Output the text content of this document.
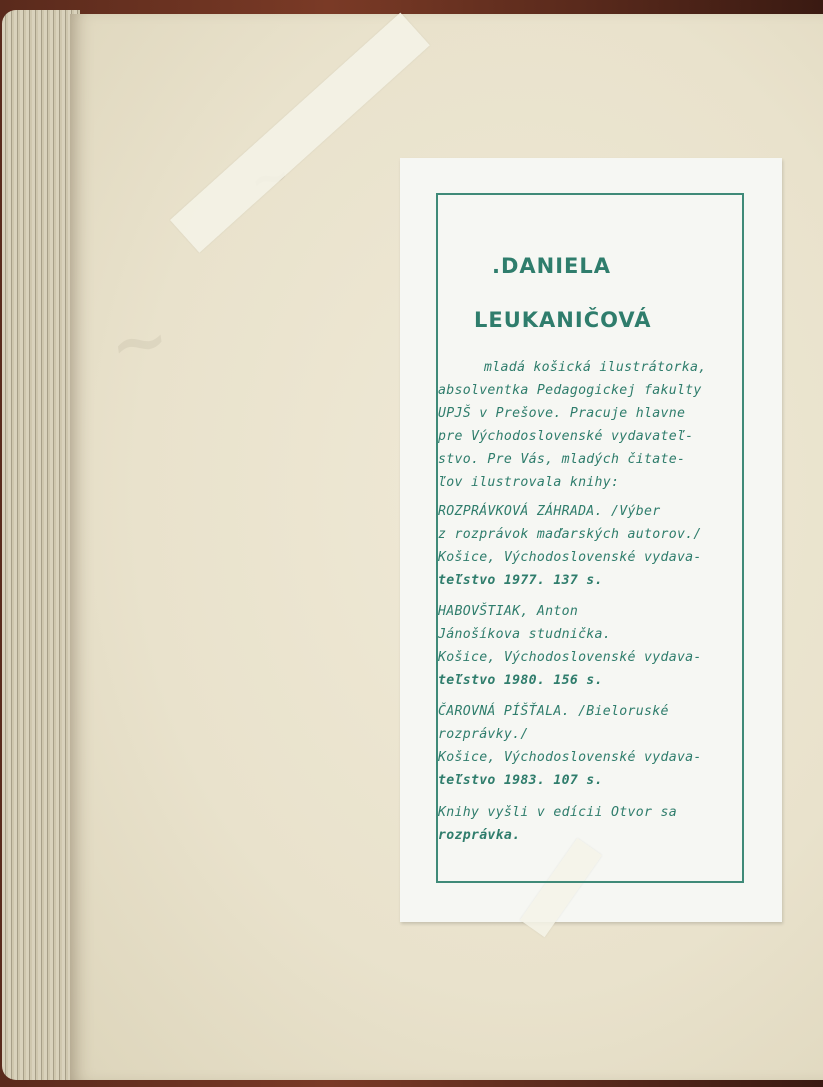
~
.DANIELA
LEUKANIČOVÁ
mladá košická ilustrátorka,
absolventka Pedagogickej fakulty
UPJŠ v Prešove. Pracuje hlavne
pre Východoslovenské vydavateľ-
stvo. Pre Vás, mladých čitate-
ľov ilustrovala knihy:
ROZPRÁVKOVÁ ZÁHRADA. /Výber
z rozprávok maďarských autorov./
Košice, Východoslovenské vydava-
teľstvo 1977. 137 s.
HABOVŠTIAK, Anton
Jánošíkova studnička.
Košice, Východoslovenské vydava-
teľstvo 1980. 156 s.
ČAROVNÁ PÍŠŤALA. /Bieloruské
rozprávky./
Košice, Východoslovenské vydava-
teľstvo 1983. 107 s.
Knihy vyšli v edícii Otvor sa
rozprávka.
